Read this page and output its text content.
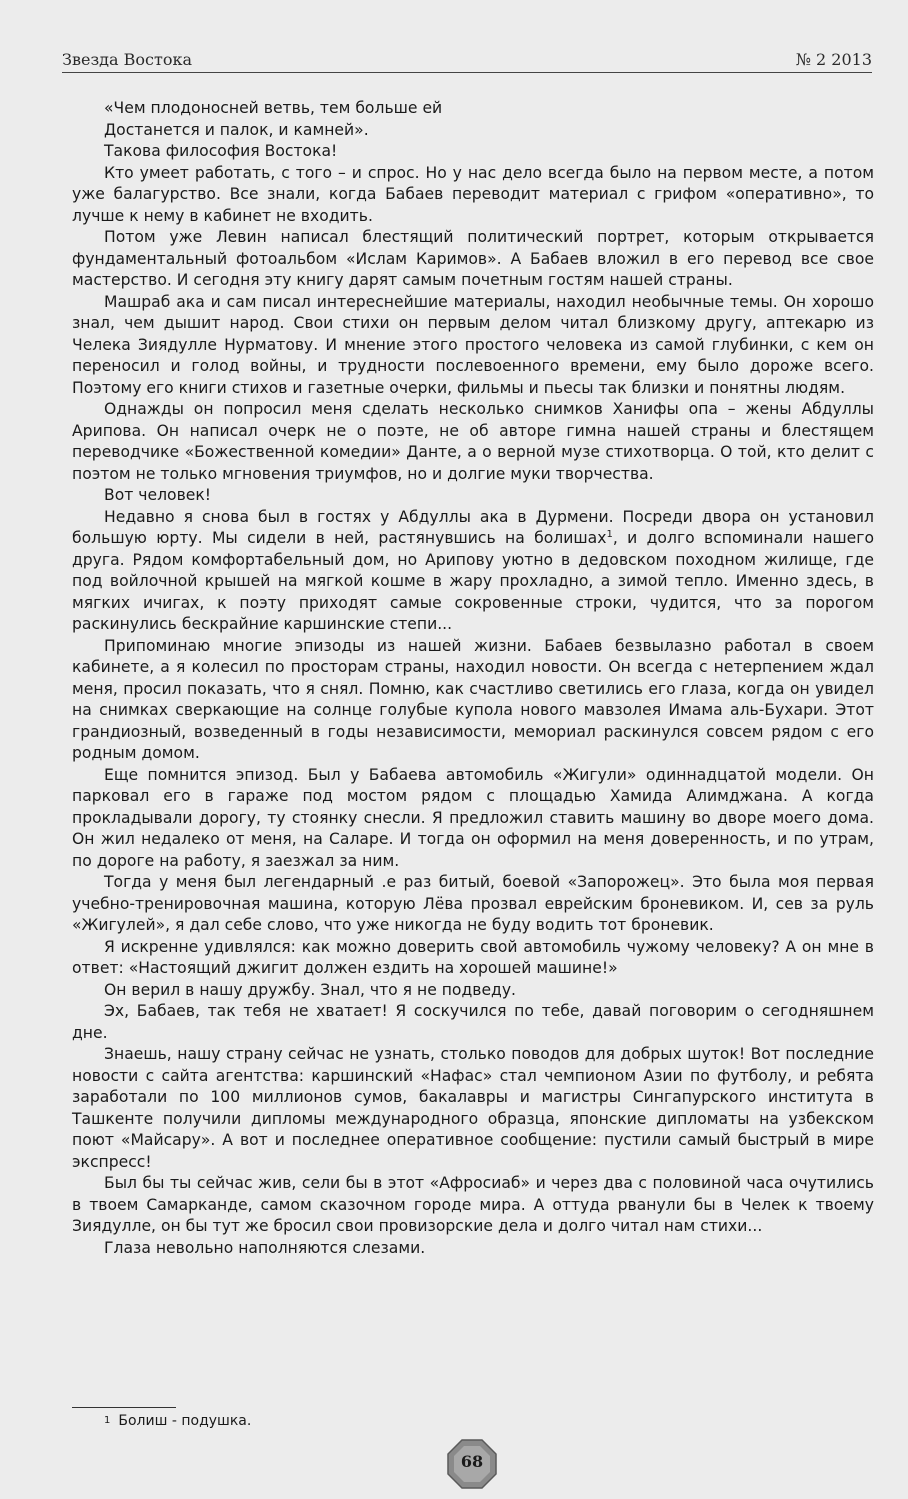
Звезда Востока	№ 2 2013

«Чем плодоносней ветвь, тем больше ей

Достанется и палок, и камней».

Такова философия Востока!

Кто умеет работать, с того – и спрос. Но у нас дело всегда было на первом месте, а потом уже балагурство. Все знали, когда Бабаев переводит материал с грифом «оперативно», то лучше к нему в кабинет не входить.

Потом уже Левин написал блестящий политический портрет, которым открывается фундаментальный фотоальбом «Ислам Каримов». А Бабаев вложил в его перевод все свое мастерство. И сегодня эту книгу дарят самым почетным гостям нашей страны.

Машраб ака и сам писал интереснейшие материалы, находил необычные темы. Он хорошо знал, чем дышит народ. Свои стихи он первым делом читал близкому другу, аптекарю из Челека Зиядулле Нурматову. И мнение этого простого человека из самой глубинки, с кем он переносил и голод войны, и трудности послевоенного времени, ему было дороже всего. Поэтому его книги стихов и газетные очерки, фильмы и пьесы так близки и понятны людям.

Однажды он попросил меня сделать несколько снимков Ханифы опа – жены Абдуллы Арипова. Он написал очерк не о поэте, не об авторе гимна нашей страны и блестящем переводчике «Божественной комедии» Данте, а о верной музе стихотворца. О той, кто делит с поэтом не только мгновения триумфов, но и долгие муки творчества.

Вот человек!

Недавно я снова был в гостях у Абдуллы ака в Дурмени. Посреди двора он установил большую юрту. Мы сидели в ней, растянувшись на болишах$^1$, и долго вспоминали нашего друга. Рядом комфортабельный дом, но Арипову уютно в дедовском походном жилище, где под войлочной крышей на мягкой кошме в жару прохладно, а зимой тепло. Именно здесь, в мягких ичигах, к поэту приходят самые сокровенные строки, чудится, что за порогом раскинулись бескрайние каршинские степи...

Припоминаю многие эпизоды из нашей жизни. Бабаев безвылазно работал в своем кабинете, а я колесил по просторам страны, находил новости. Он всегда с нетерпением ждал меня, просил показать, что я снял. Помню, как счастливо светились его глаза, когда он увидел на снимках сверкающие на солнце голубые купола нового мавзолея Имама аль-Бухари. Этот грандиозный, возведенный в годы независимости, мемориал раскинулся совсем рядом с его родным домом.

Еще помнится эпизод. Был у Бабаева автомобиль «Жигули» одиннадцатой модели. Он парковал его в гараже под мостом рядом с площадью Хамида Алимджана. А когда прокладывали дорогу, ту стоянку снесли. Я предложил ставить машину во дворе моего дома. Он жил недалеко от меня, на Саларе. И тогда он оформил на меня доверенность, и по утрам, по дороге на работу, я заезжал за ним.

Тогда у меня был легендарный .е раз битый, боевой «Запорожец». Это была моя первая учебно-тренировочная машина, которую Лёва прозвал еврейским броневиком. И, сев за руль «Жигулей», я дал себе слово, что уже никогда не буду водить тот броневик.

Я искренне удивлялся: как можно доверить свой автомобиль чужому человеку? А он мне в ответ: «Настоящий джигит должен ездить на хорошей машине!»

Он верил в нашу дружбу. Знал, что я не подведу.

Эх, Бабаев, так тебя не хватает! Я соскучился по тебе, давай поговорим о сегодняшнем дне.

Знаешь, нашу страну сейчас не узнать, столько поводов для добрых шуток! Вот последние новости с сайта агентства: каршинский «Нафас» стал чемпионом Азии по футболу, и ребята заработали по 100 миллионов сумов, бакалавры и магистры Сингапурского института в Ташкенте получили дипломы международного образца, японские дипломаты на узбекском поют «Майсару». А вот и последнее оперативное сообщение: пустили самый быстрый в мире экспресс!

Был бы ты сейчас жив, сели бы в этот «Афросиаб» и через два с половиной часа очутились в твоем Самарканде, самом сказочном городе мира. А оттуда рванули бы в Челек к твоему Зиядулле, он бы тут же бросил свои провизорские дела и долго читал нам стихи...

Глаза невольно наполняются слезами.

$^1$ Болиш - подушка.
68
